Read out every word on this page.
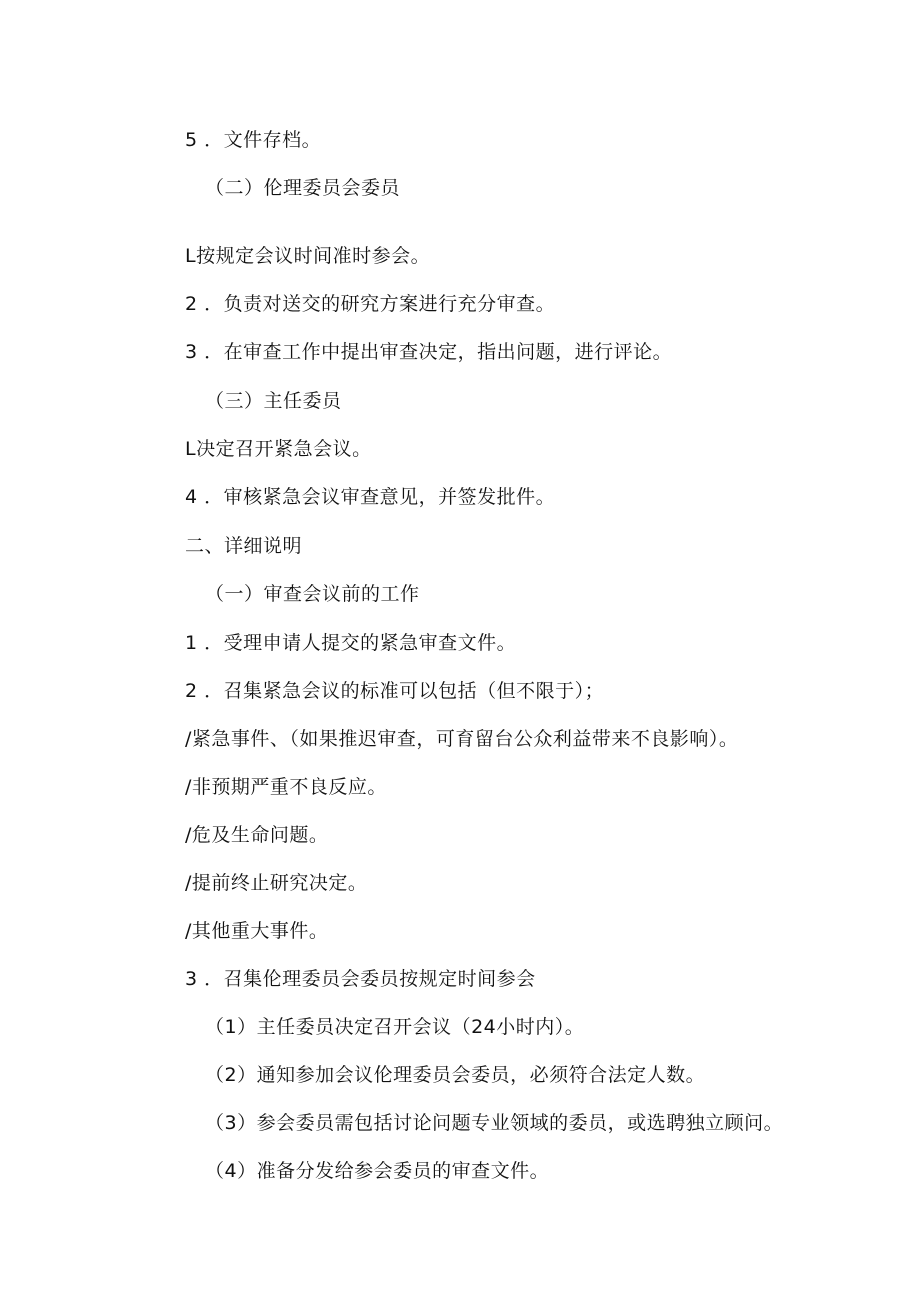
5 ．文件存档。
（二）伦理委员会委员
L按规定会议时间准时参会。
2 ．负责对送交的研究方案进行充分审查。
3 ．在审查工作中提出审查决定，指出问题，进行评论。
（三）主任委员
L决定召开紧急会议。
4 ．审核紧急会议审查意见，并签发批件。
二、详细说明
（一）审查会议前的工作
1 ．受理申请人提交的紧急审查文件。
2 ．召集紧急会议的标准可以包括（但不限于）；
/紧急事件、（如果推迟审查，可育留台公众利益带来不良影响）。
/非预期严重不良反应。
/危及生命问题。
/提前终止研究决定。
/其他重大事件。
3 ．召集伦理委员会委员按规定时间参会
（1）主任委员决定召开会议（24小时内）。
（2）通知参加会议伦理委员会委员，必须符合法定人数。
（3）参会委员需包括讨论问题专业领域的委员，或选聘独立顾问。
（4）准备分发给参会委员的审查文件。
